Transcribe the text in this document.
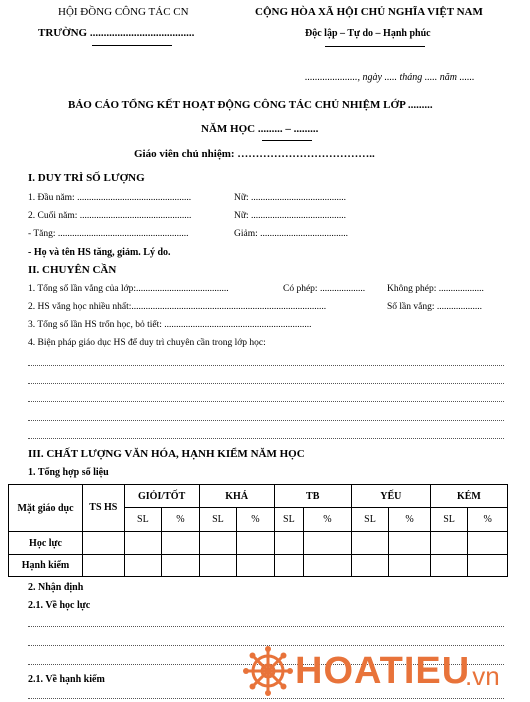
HỘI ĐỒNG CÔNG TÁC CN
TRƯỜNG ......................................
CỘNG HÒA XÃ HỘI CHỦ NGHĨA VIỆT NAM
Độc lập – Tự do – Hạnh phúc
....................., ngày ..... tháng ..... năm ......
BÁO CÁO TỔNG KẾT HOẠT ĐỘNG CÔNG TÁC CHỦ NHIỆM LỚP .........
NĂM HỌC ......... – .........
Giáo viên chủ nhiệm: ………………………………..
I. DUY TRÌ SỐ LƯỢNG
1. Đầu năm: ................................................	Nữ: ........................................
2. Cuối năm: ...............................................	Nữ: ........................................
- Tăng: .......................................................	Giảm: .....................................
- Họ và tên HS tăng, giảm. Lý do.
II. CHUYÊN CẦN
1. Tổng số lần vắng của lớp:.......................................	Có phép: ................... Không phép: ...................
2. HS vắng học nhiều nhất:..................................................................................	Số lần vắng: ...................
3. Tổng số lần HS trốn học, bỏ tiết: ..............................................................
4. Biện pháp giáo dục HS để duy trì chuyên cần trong lớp học:
III. CHẤT LƯỢNG VĂN HÓA, HẠNH KIỂM NĂM HỌC
1. Tổng hợp số liệu
Mặt giáo dục	TS HS	GIỎI/TỐT		KHÁ		TB		YẾU		KÉM	
		SL	%	SL	%	SL	%	SL	%	SL	%
Học lực											
Hạnh kiểm											
2. Nhận định
2.1. Về học lực
2.1. Về hạnh kiểm	HOATIEU
.vn
